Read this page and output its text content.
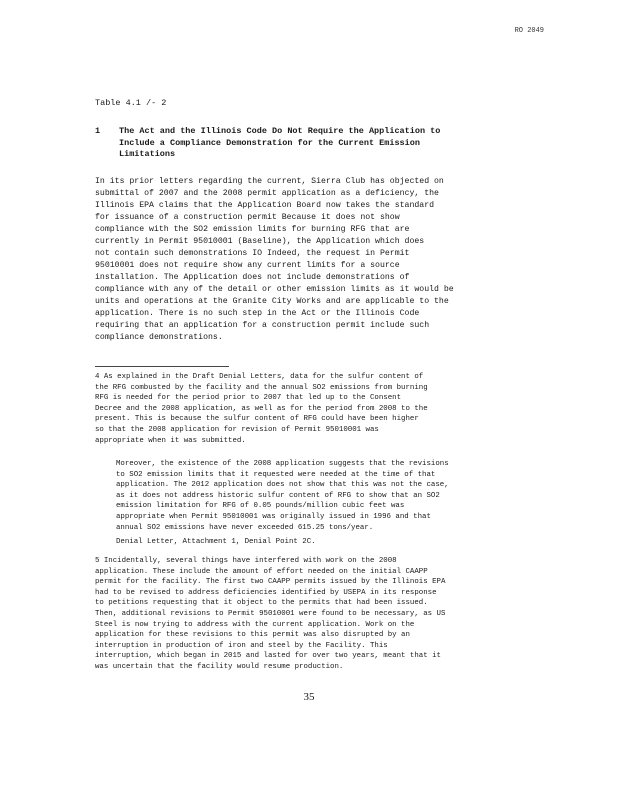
RO 2049
Table 4.1 /- 2
1 The Act and the Illinois Code Do Not Require the Application to
Include a Compliance Demonstration for the Current Emission
Limitations
In its prior letters regarding the current, Sierra Club has objected on
submittal of 2007 and the 2008 permit application as a deficiency, the
Illinois EPA claims that the Application Board now takes the standard
for issuance of a construction permit Because it does not show
compliance with the SO2 emission limits for burning RFG that are
currently in Permit 95010001 (Baseline), the Application which does
not contain such demonstrations IO Indeed, the request in Permit
95010001 does not require show any current limits for a source
installation. The Application does not include demonstrations of
compliance with any of the detail or other emission limits as it would be
units and operations at the Granite City Works and are applicable to the
application. There is no such step in the Act or the Illinois Code
requiring that an application for a construction permit include such
compliance demonstrations.
4 As explained in the Draft Denial Letters, data for the sulfur content of
the RFG combusted by the facility and the annual SO2 emissions from burning
RFG is needed for the period prior to 2007 that led up to the Consent
Decree and the 2008 application, as well as for the period from 2008 to the
present. This is because the sulfur content of RFG could have been higher
so that the 2008 application for revision of Permit 95010001 was
appropriate when it was submitted.
Moreover, the existence of the 2008 application suggests that the revisions
to SO2 emission limits that it requested were needed at the time of that
application. The 2012 application does not show that this was not the case,
as it does not address historic sulfur content of RFG to show that an SO2
emission limitation for RFG of 0.05 pounds/million cubic feet was
appropriate when Permit 95010001 was originally issued in 1996 and that
annual SO2 emissions have never exceeded 615.25 tons/year.
Denial Letter, Attachment 1, Denial Point 2C.
5 Incidentally, several things have interfered with work on the 2008
application. These include the amount of effort needed on the initial CAAPP
permit for the facility. The first two CAAPP permits issued by the Illinois EPA
had to be revised to address deficiencies identified by USEPA in its response
to petitions requesting that it object to the permits that had been issued.
Then, additional revisions to Permit 95010001 were found to be necessary, as US
Steel is now trying to address with the current application. Work on the
application for these revisions to this permit was also disrupted by an
interruption in production of iron and steel by the Facility. This
interruption, which began in 2015 and lasted for over two years, meant that it
was uncertain that the facility would resume production.
35
